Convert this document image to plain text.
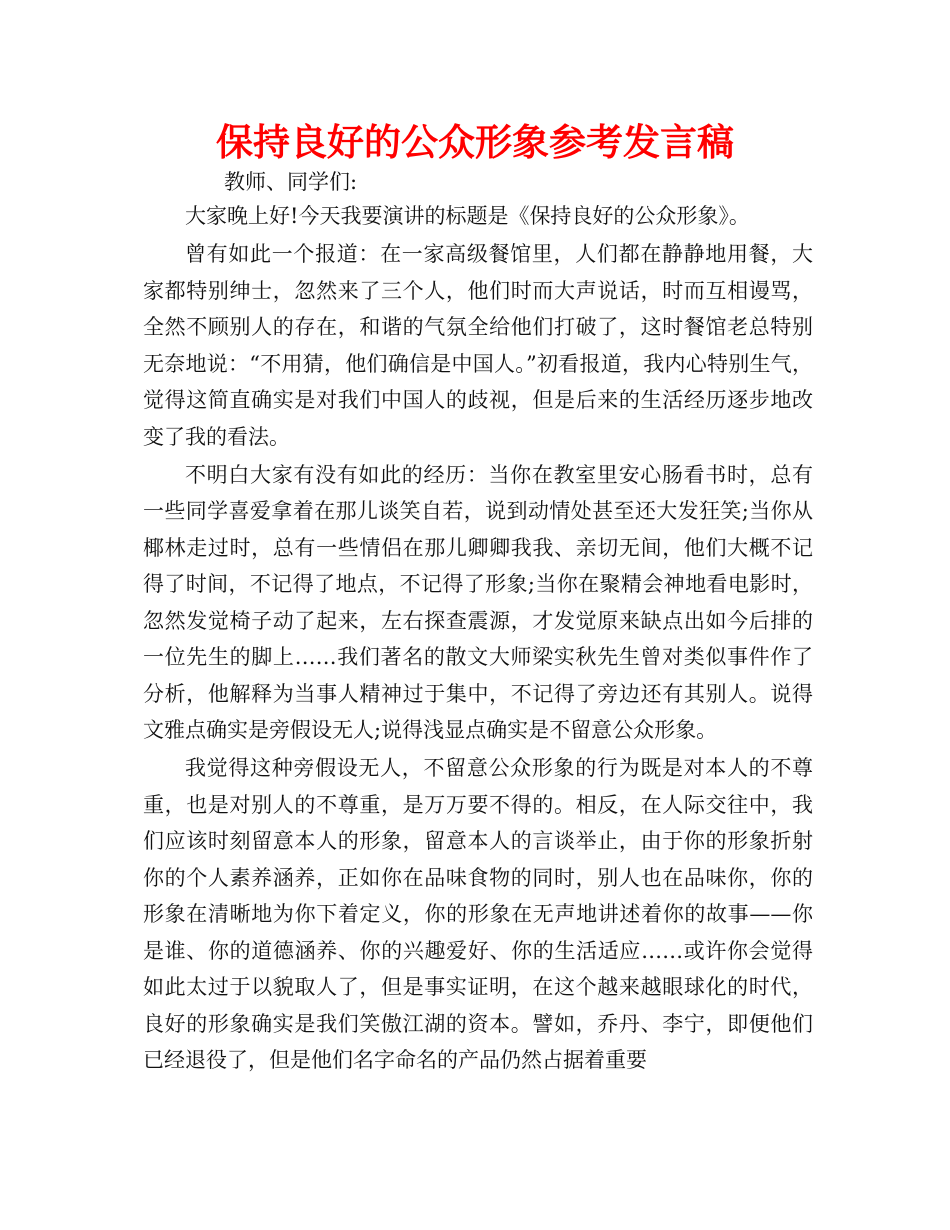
保持良好的公众形象参考发言稿

教师、同学们:

大家晚上好!今天我要演讲的标题是《保持良好的公众形象》。

曾有如此一个报道：在一家高级餐馆里，人们都在静静地用餐，大家都特别绅士，忽然来了三个人，他们时而大声说话，时而互相谩骂，全然不顾别人的存在，和谐的气氛全给他们打破了，这时餐馆老总特别无奈地说：“不用猜，他们确信是中国人。”初看报道，我内心特别生气，觉得这简直确实是对我们中国人的歧视，但是后来的生活经历逐步地改变了我的看法。

不明白大家有没有如此的经历：当你在教室里安心肠看书时，总有一些同学喜爱拿着在那儿谈笑自若，说到动情处甚至还大发狂笑;当你从椰林走过时，总有一些情侣在那儿卿卿我我、亲切无间，他们大概不记得了时间，不记得了地点，不记得了形象;当你在聚精会神地看电影时，忽然发觉椅子动了起来，左右探查震源，才发觉原来缺点出如今后排的一位先生的脚上……我们著名的散文大师梁实秋先生曾对类似事件作了分析，他解释为当事人精神过于集中，不记得了旁边还有其别人。说得文雅点确实是旁假设无人;说得浅显点确实是不留意公众形象。

我觉得这种旁假设无人，不留意公众形象的行为既是对本人的不尊重，也是对别人的不尊重，是万万要不得的。相反，在人际交往中，我们应该时刻留意本人的形象，留意本人的言谈举止，由于你的形象折射你的个人素养涵养，正如你在品味食物的同时，别人也在品味你，你的形象在清晰地为你下着定义，你的形象在无声地讲述着你的故事——你是谁、你的道德涵养、你的兴趣爱好、你的生活适应……或许你会觉得如此太过于以貌取人了，但是事实证明，在这个越来越眼球化的时代，良好的形象确实是我们笑傲江湖的资本。譬如，乔丹、李宁，即便他们已经退役了，但是他们名字命名的产品仍然占据着重要
